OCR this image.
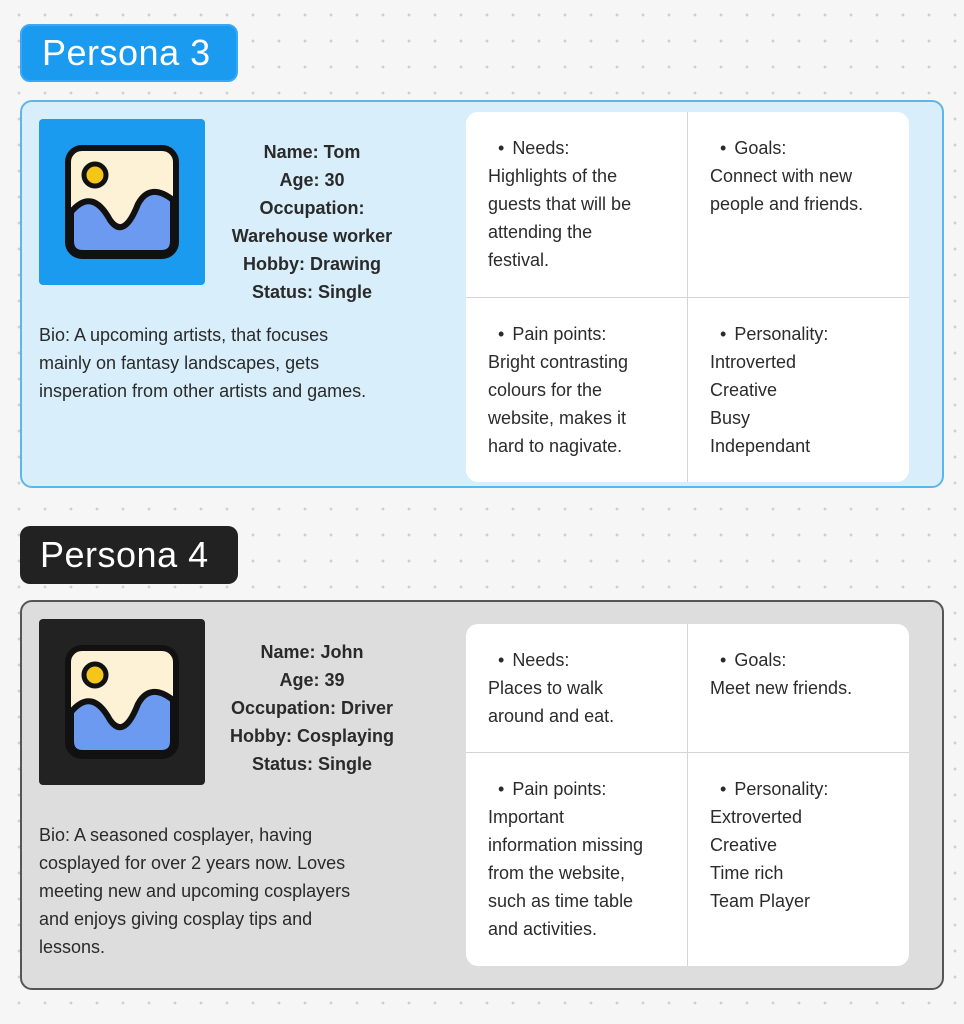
Persona 3
Name: Tom
Age: 30
Occupation:
Warehouse worker
Hobby: Drawing
Status: Single
Bio: A upcoming artists, that focuses
mainly on fantasy landscapes, gets
insperation from other artists and games.
• Needs:
Highlights of the
guests that will be
attending the
festival.
• Goals:
Connect with new
people and friends.
• Pain points:
Bright contrasting
colours for the
website, makes it
hard to nagivate.
• Personality:
Introverted
Creative
Busy
Independant
Persona 4
Name: John
Age: 39
Occupation: Driver
Hobby: Cosplaying
Status: Single
Bio: A seasoned cosplayer, having
cosplayed for over 2 years now. Loves
meeting new and upcoming cosplayers
and enjoys giving cosplay tips and
lessons.
• Needs:
Places to walk
around and eat.
• Goals:
Meet new friends.
• Pain points:
Important
information missing
from the website,
such as time table
and activities.
• Personality:
Extroverted
Creative
Time rich
Team Player
